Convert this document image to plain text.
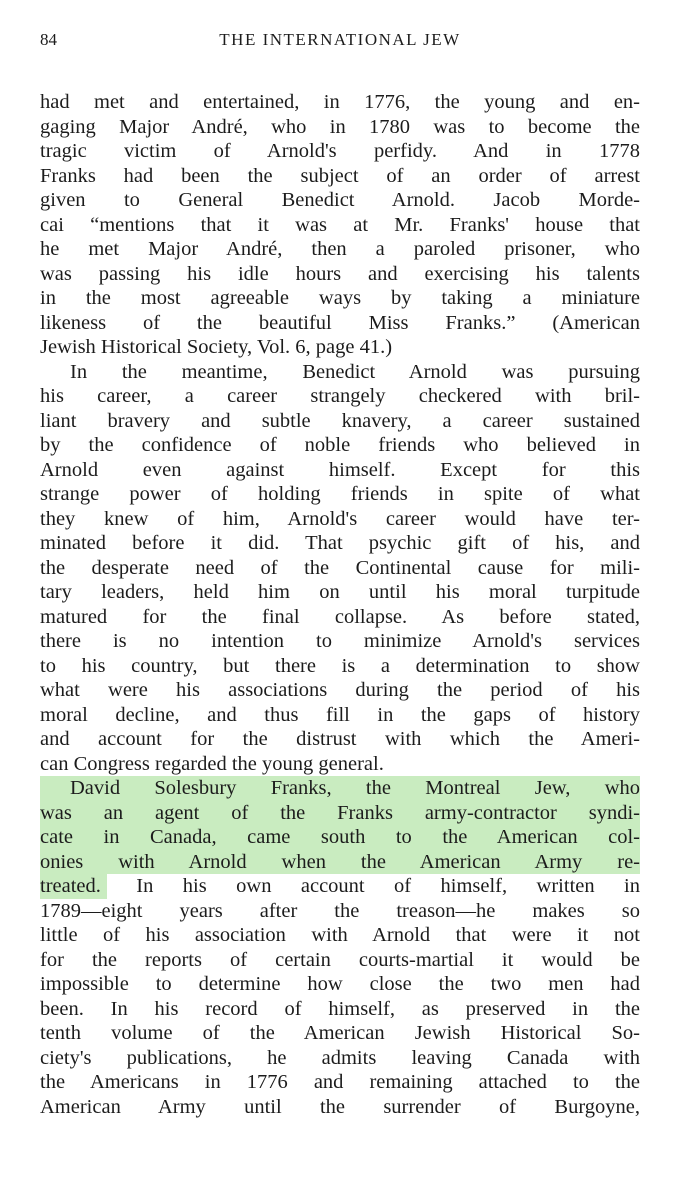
84	THE INTERNATIONAL JEW
had met and entertained, in 1776, the young and en-
gaging Major André, who in 1780 was to become the
tragic victim of Arnold's perfidy. And in 1778
Franks had been the subject of an order of arrest
given to General Benedict Arnold. Jacob Morde-
cai “mentions that it was at Mr. Franks' house that
he met Major André, then a paroled prisoner, who
was passing his idle hours and exercising his talents
in the most agreeable ways by taking a miniature
likeness of the beautiful Miss Franks.” (American
Jewish Historical Society, Vol. 6, page 41.)
In the meantime, Benedict Arnold was pursuing
his career, a career strangely checkered with bril-
liant bravery and subtle knavery, a career sustained
by the confidence of noble friends who believed in
Arnold even against himself. Except for this
strange power of holding friends in spite of what
they knew of him, Arnold's career would have ter-
minated before it did. That psychic gift of his, and
the desperate need of the Continental cause for mili-
tary leaders, held him on until his moral turpitude
matured for the final collapse. As before stated,
there is no intention to minimize Arnold's services
to his country, but there is a determination to show
what were his associations during the period of his
moral decline, and thus fill in the gaps of history
and account for the distrust with which the Ameri-
can Congress regarded the young general.
David Solesbury Franks, the Montreal Jew, who
was an agent of the Franks army-contractor syndi-
cate in Canada, came south to the American col-
onies with Arnold when the American Army re-
treated. In his own account of himself, written in
1789—eight years after the treason—he makes so
little of his association with Arnold that were it not
for the reports of certain courts-martial it would be
impossible to determine how close the two men had
been. In his record of himself, as preserved in the
tenth volume of the American Jewish Historical So-
ciety's publications, he admits leaving Canada with
the Americans in 1776 and remaining attached to the
American Army until the surrender of Burgoyne,
